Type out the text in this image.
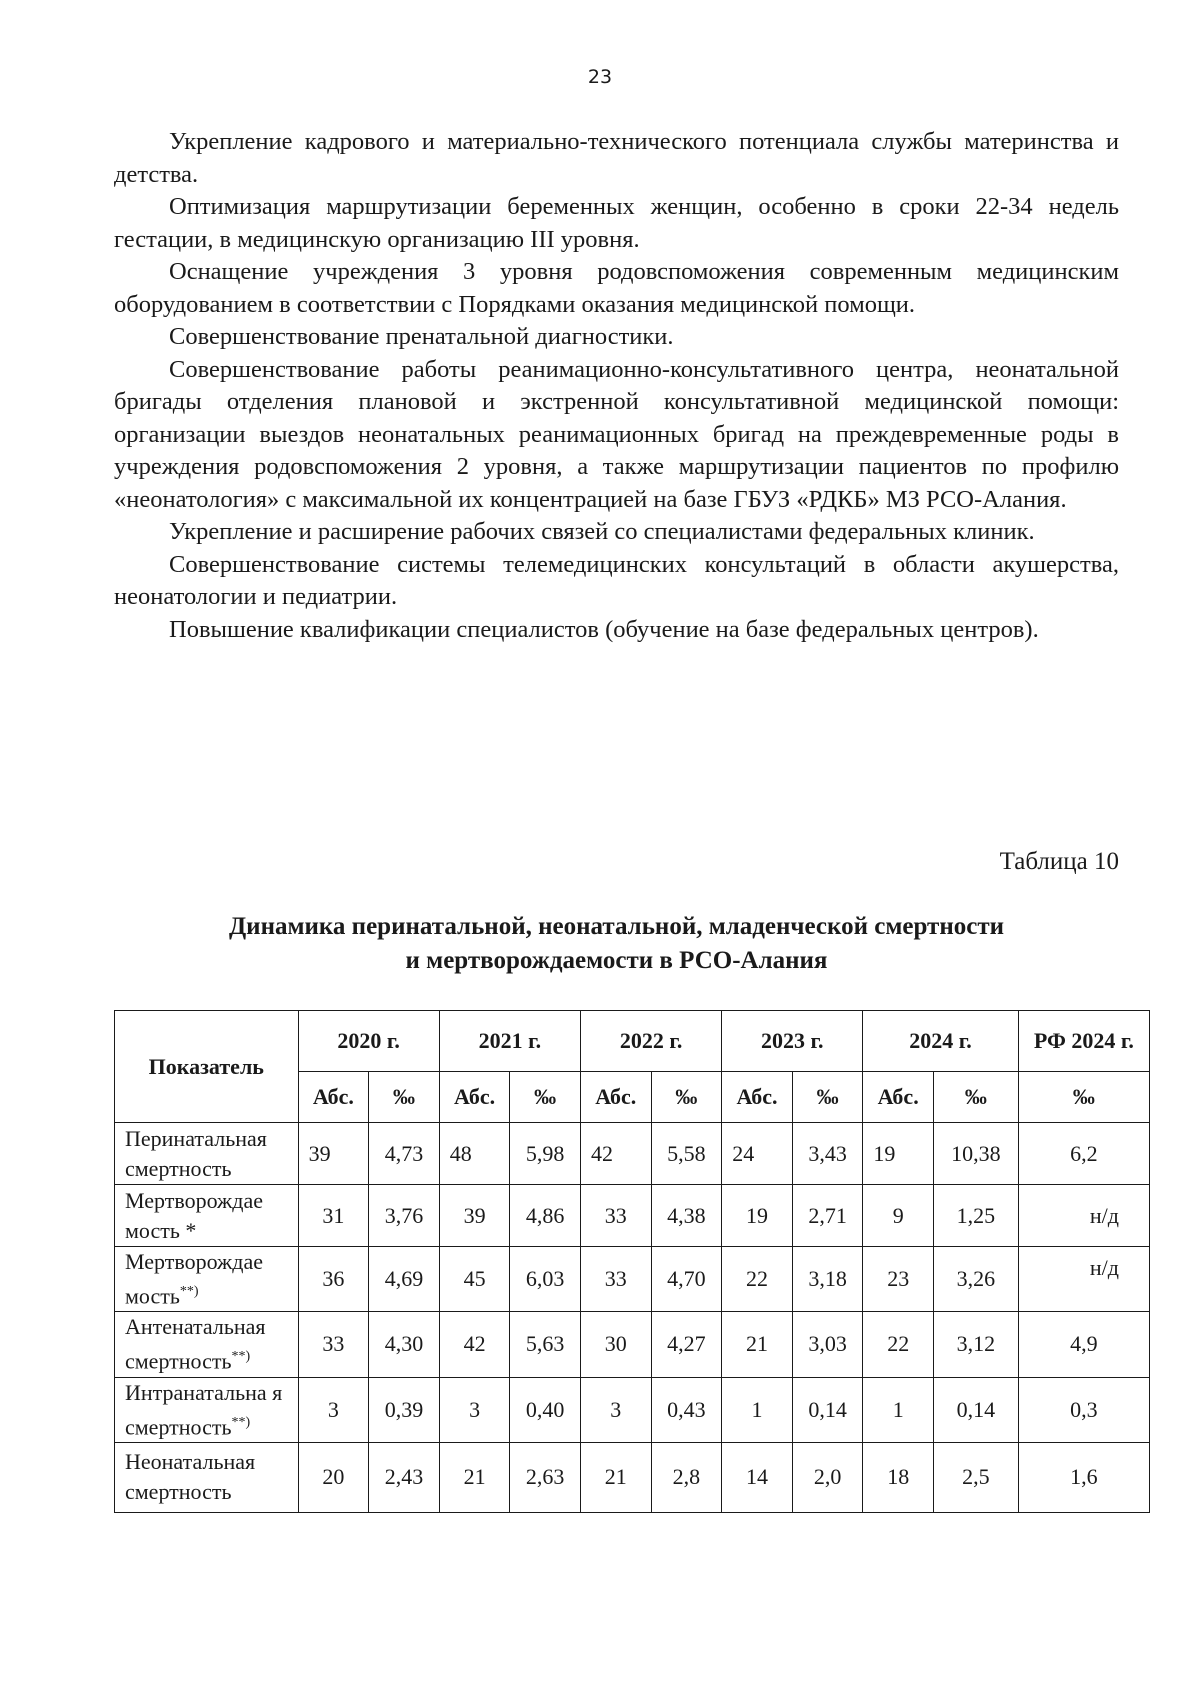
23

Укрепление кадрового и материально-технического потенциала службы материнства и детства.

Оптимизация маршрутизации беременных женщин, особенно в сроки 22-34 недель гестации, в медицинскую организацию III уровня.

Оснащение учреждения 3 уровня родовспоможения современным медицинским оборудованием в соответствии с Порядками оказания медицинской помощи.

Совершенствование пренатальной диагностики.

Совершенствование работы реанимационно-консультативного центра, неонатальной бригады отделения плановой и экстренной консультативной медицинской помощи: организации выездов неонатальных реанимационных бригад на преждевременные роды в учреждения родовспоможения 2 уровня, а также маршрутизации пациентов по профилю «неонатология» с максимальной их концентрацией на базе ГБУЗ «РДКБ» МЗ РСО-Алания.

Укрепление и расширение рабочих связей со специалистами федеральных клиник.

Совершенствование системы телемедицинских консультаций в области акушерства, неонатологии и педиатрии.

Повышение квалификации специалистов (обучение на базе федеральных центров).

Таблица 10
Динамика перинатальной, неонатальной, младенческой смертности
и мертворождаемости в РСО-Алания
Показатель	2020 г.		2021 г.		2022 г.		2023 г.		2024 г.		РФ 2024 г.
	Абс.	‰	Абс.	‰	Абс.	‰	Абс.	‰	Абс.	‰	‰
Перинатальная смертность	39	4,73	48	5,98	42	5,58	24	3,43	19	10,38	6,2
Мертворождае мость *	31	3,76	39	4,86	33	4,38	19	2,71	9	1,25	н/д
Мертворождае мость**)	36	4,69	45	6,03	33	4,70	22	3,18	23	3,26	н/д
Антенатальная смертность**)	33	4,30	42	5,63	30	4,27	21	3,03	22	3,12	4,9
Интранатальна я смертность**)	3	0,39	3	0,40	3	0,43	1	0,14	1	0,14	0,3
Неонатальная смертность	20	2,43	21	2,63	21	2,8	14	2,0	18	2,5	1,6
